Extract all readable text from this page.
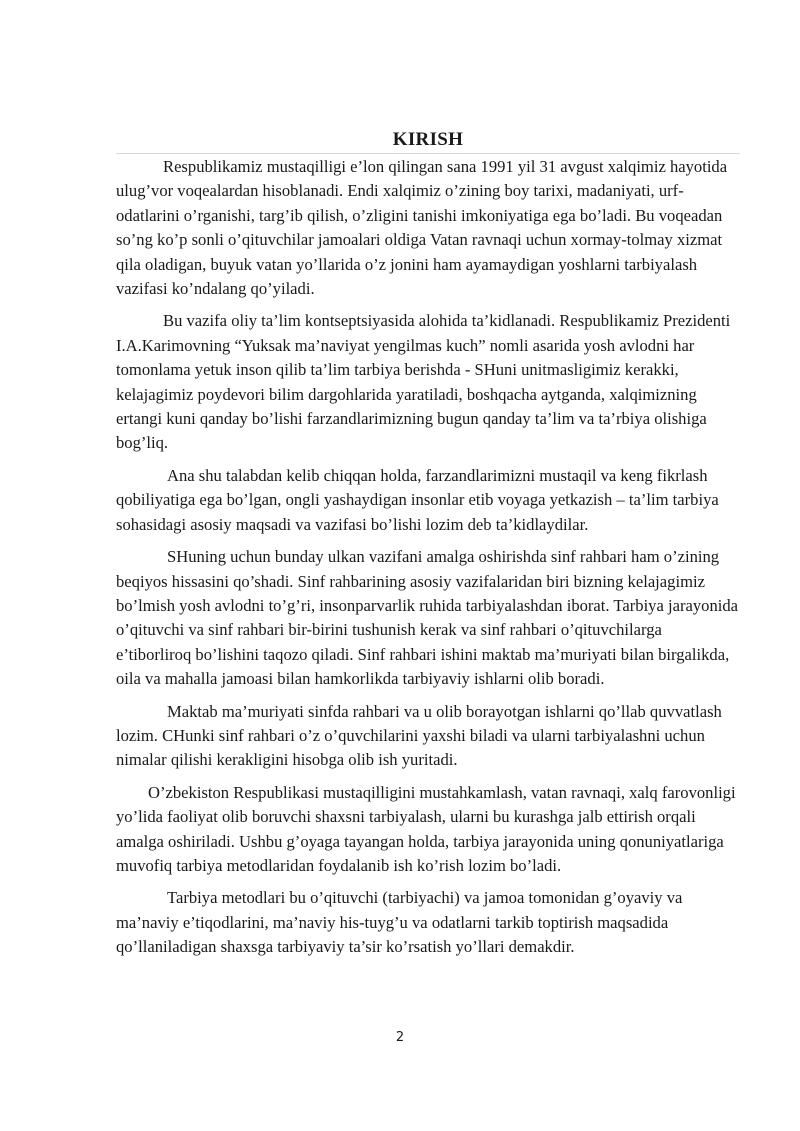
KIRISH

Respublikamiz mustaqilligi e’lon qilingan sana 1991 yil 31 avgust xalqimiz hayotida ulug’vor voqealardan hisoblanadi. Endi xalqimiz o’zining boy tarixi, madaniyati, urf-odatlarini o’rganishi, targ’ib qilish, o’zligini tanishi imkoniyatiga ega bo’ladi. Bu voqeadan so’ng ko’p sonli o’qituvchilar jamoalari oldiga Vatan ravnaqi uchun xormay-tolmay xizmat qila oladigan, buyuk vatan yo’llarida o’z jonini ham ayamaydigan yoshlarni tarbiyalash vazifasi ko’ndalang qo’yiladi.

Bu vazifa oliy ta’lim kontseptsiyasida alohida ta’kidlanadi. Respublikamiz Prezidenti I.A.Karimovning “Yuksak ma’naviyat yengilmas kuch” nomli asarida yosh avlodni har tomonlama yetuk inson qilib ta’lim tarbiya berishda - SHuni unitmasligimiz kerakki, kelajagimiz poydevori bilim dargohlarida yaratiladi, boshqacha aytganda, xalqimizning ertangi kuni qanday bo’lishi farzandlarimizning bugun qanday ta’lim va ta’rbiya olishiga bog’liq.

Ana shu talabdan kelib chiqqan holda, farzandlarimizni mustaqil va keng fikrlash qobiliyatiga ega bo’lgan, ongli yashaydigan insonlar etib voyaga yetkazish – ta’lim tarbiya sohasidagi asosiy maqsadi va vazifasi bo’lishi lozim deb ta’kidlaydilar.

SHuning uchun bunday ulkan vazifani amalga oshirishda sinf rahbari ham o’zining beqiyos hissasini qo’shadi. Sinf rahbarining asosiy vazifalaridan biri bizning kelajagimiz bo’lmish yosh avlodni to’g’ri, insonparvarlik ruhida tarbiyalashdan iborat. Tarbiya jarayonida o’qituvchi va sinf rahbari bir-birini tushunish kerak va sinf rahbari o’qituvchilarga e’tiborliroq bo’lishini taqozo qiladi. Sinf rahbari ishini maktab ma’muriyati bilan birgalikda, oila va mahalla jamoasi bilan hamkorlikda tarbiyaviy ishlarni olib boradi.

Maktab ma’muriyati sinfda rahbari va u olib borayotgan ishlarni qo’llab quvvatlash lozim. CHunki sinf rahbari o’z o’quvchilarini yaxshi biladi va ularni tarbiyalashni uchun nimalar qilishi kerakligini hisobga olib ish yuritadi.

O’zbekiston Respublikasi mustaqilligini mustahkamlash, vatan ravnaqi, xalq farovonligi yo’lida faoliyat olib boruvchi shaxsni tarbiyalash, ularni bu kurashga jalb ettirish orqali amalga oshiriladi. Ushbu g’oyaga tayangan holda, tarbiya jarayonida uning qonuniyatlariga muvofiq tarbiya metodlaridan foydalanib ish ko’rish lozim bo’ladi.

Tarbiya metodlari bu o’qituvchi (tarbiyachi) va jamoa tomonidan g’oyaviy va ma’naviy e’tiqodlarini, ma’naviy his-tuyg’u va odatlarni tarkib toptirish maqsadida qo’llaniladigan shaxsga tarbiyaviy ta’sir ko’rsatish yo’llari demakdir.

2
